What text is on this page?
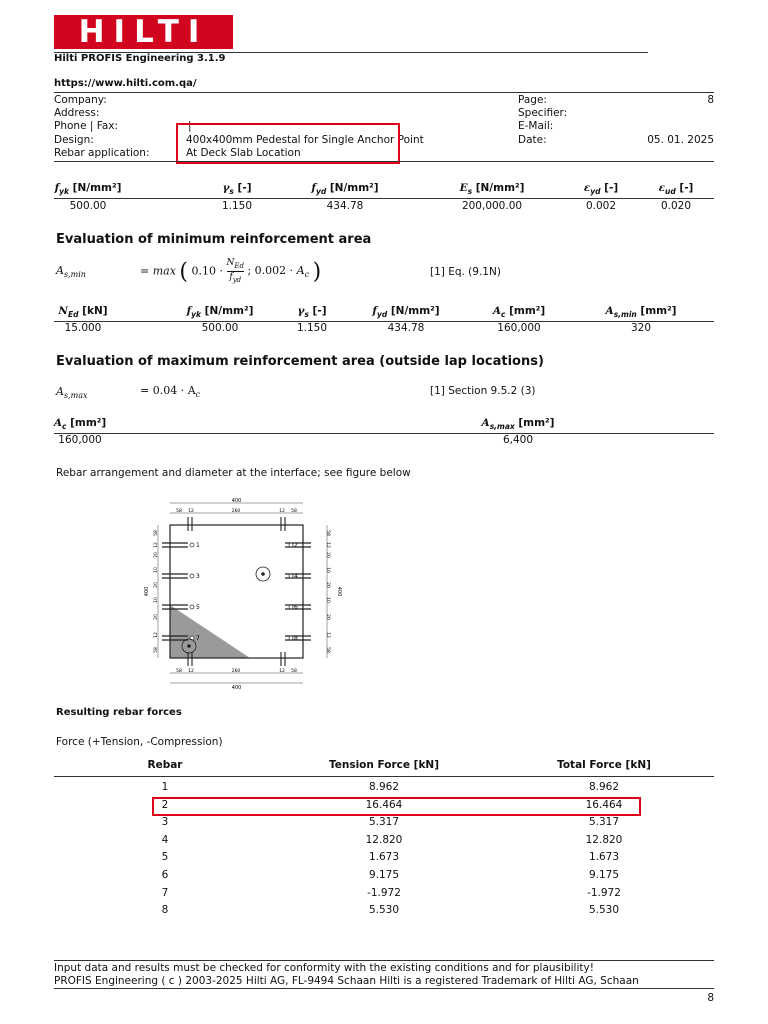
HILTI
Hilti PROFIS Engineering 3.1.9
https://www.hilti.com.qa/
Company:
Address:
Phone | Fax:	|
Design:	400x400mm Pedestal for Single Anchor Point
Rebar application:	At Deck Slab Location
Page:	8
Specifier:
E-Mail:
Date:	05. 01. 2025
$f_{yk}$ [N/mm²]	$\gamma_s$ [-]	$f_{yd}$ [N/mm²]	$E_s$ [N/mm²]	$\varepsilon_{yd}$ [-]	$\varepsilon_{ud}$ [-]
500.00	1.150	434.78	200,000.00	0.002	0.020
Evaluation of minimum reinforcement area
$A_{s,min}$	= max ( 0.10 ·
$N_{Ed}$
$f_{yd}$
; $0.002 \cdot A_c$ )	[1] Eq. (9.1N)
$N_{Ed}$ [kN]	$f_{yk}$ [N/mm²]	$\gamma_s$ [-]	$f_{yd}$ [N/mm²]	$A_c$ [mm²]	$A_{s,min}$ [mm²]
15.000	500.00	1.150	434.78	160,000	320
Evaluation of maximum reinforcement area (outside lap locations)
$A_{s,max}$	= $0.04 \cdot A_c$	[1] Section 9.5.2 (3)
$A_c$ [mm²]	$A_{s,max}$ [mm²]
160,000	6,400
Rebar arrangement and diameter at the interface; see figure below
400
400
400	400
58
58
12
12
260
260
12
12
58
58
58	58
12	12
20	20
10	10
20	20
10	10
20	20
12	12
58	58
1	2
3	4
5	6
7	8
Resulting rebar forces
Force (+Tension, -Compression)
Rebar	Tension Force [kN]	Total Force [kN]
1	8.962	8.962
2	16.464	16.464
3	5.317	5.317
4	12.820	12.820
5	1.673	1.673
6	9.175	9.175
7	-1.972	-1.972
8	5.530	5.530
Input data and results must be checked for conformity with the existing conditions and for plausibility!
PROFIS Engineering ( c ) 2003-2025 Hilti AG, FL-9494 Schaan Hilti is a registered Trademark of Hilti AG, Schaan
8
